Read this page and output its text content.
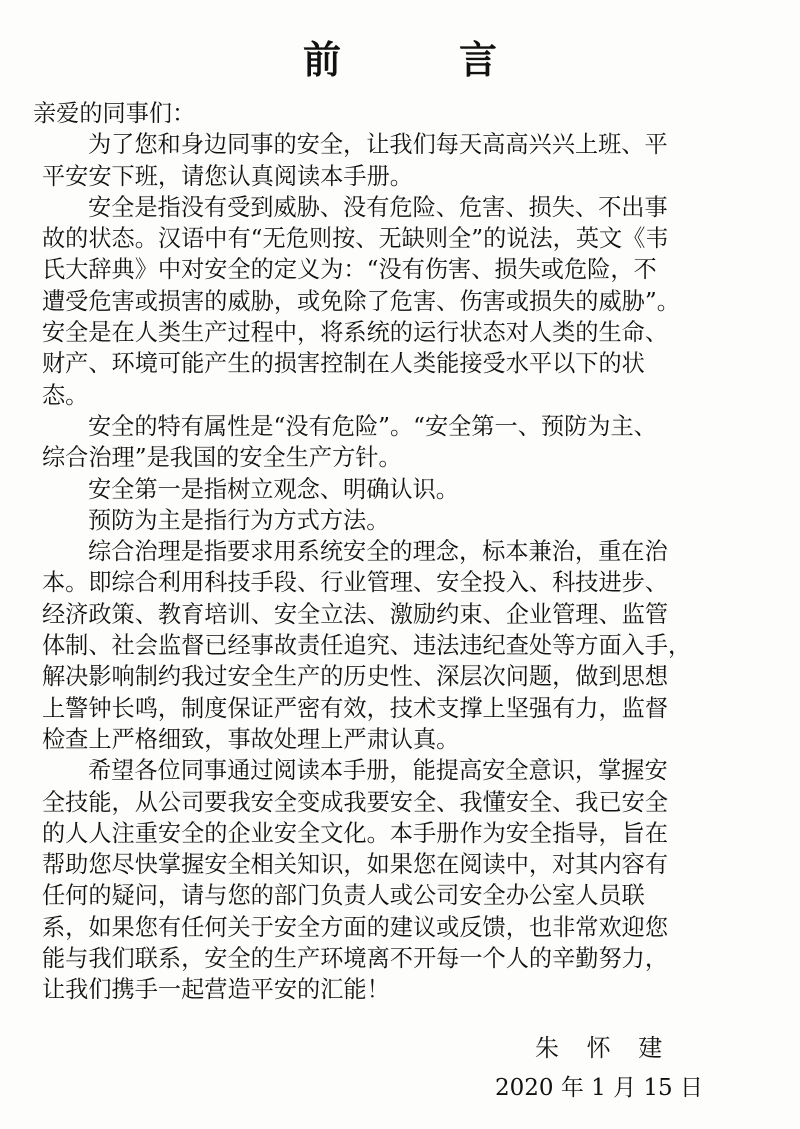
前　言
亲爱的同事们：
为了您和身边同事的安全，让我们每天高高兴兴上班、平
平安安下班，请您认真阅读本手册。
安全是指没有受到威胁、没有危险、危害、损失、不出事
故的状态。汉语中有“无危则按、无缺则全”的说法，英文《韦
氏大辞典》中对安全的定义为：“没有伤害、损失或危险，不
遭受危害或损害的威胁，或免除了危害、伤害或损失的威胁”。
安全是在人类生产过程中，将系统的运行状态对人类的生命、
财产、环境可能产生的损害控制在人类能接受水平以下的状
态。
安全的特有属性是“没有危险”。“安全第一、预防为主、
综合治理”是我国的安全生产方针。
安全第一是指树立观念、明确认识。
预防为主是指行为方式方法。
综合治理是指要求用系统安全的理念，标本兼治，重在治
本。即综合利用科技手段、行业管理、安全投入、科技进步、
经济政策、教育培训、安全立法、激励约束、企业管理、监管
体制、社会监督已经事故责任追究、违法违纪查处等方面入手，
解决影响制约我过安全生产的历史性、深层次问题，做到思想
上警钟长鸣，制度保证严密有效，技术支撑上坚强有力，监督
检查上严格细致，事故处理上严肃认真。
希望各位同事通过阅读本手册，能提高安全意识，掌握安
全技能，从公司要我安全变成我要安全、我懂安全、我已安全
的人人注重安全的企业安全文化。本手册作为安全指导，旨在
帮助您尽快掌握安全相关知识，如果您在阅读中，对其内容有
任何的疑问，请与您的部门负责人或公司安全办公室人员联
系，如果您有任何关于安全方面的建议或反馈，也非常欢迎您
能与我们联系，安全的生产环境离不开每一个人的辛勤努力，
让我们携手一起营造平安的汇能！
朱 怀 建
2020 年 1 月 15 日
